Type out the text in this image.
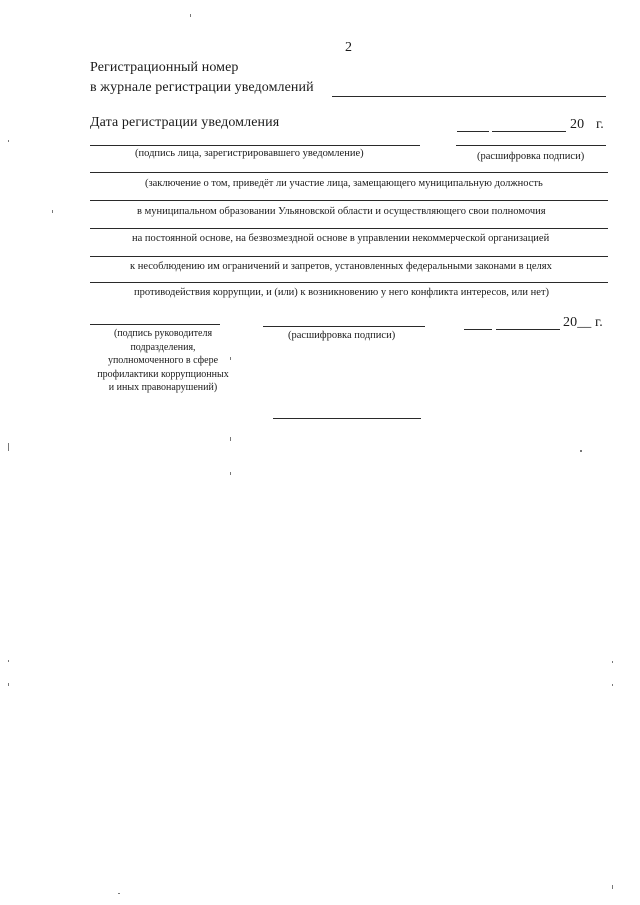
2
Регистрационный номер
в журнале регистрации уведомлений
Дата регистрации уведомления	20 г.
(подпись лица, зарегистрировавшего уведомление)	(расшифровка подписи)
(заключение о том, приведёт ли участие лица, замещающего муниципальную должность
в муниципальном образовании Ульяновской области и осуществляющего свои полномочия
на постоянной основе, на безвозмездной основе в управлении некоммерческой организацией
к несоблюдению им ограничений и запретов, установленных федеральными законами в целях
противодействия коррупции, и (или) к возникновению у него конфликта интересов, или нет)
20__ г.
(подпись руководителя
подразделения,
уполномоченного в сфере
профилактики коррупционных
и иных правонарушений)
(расшифровка подписи)
